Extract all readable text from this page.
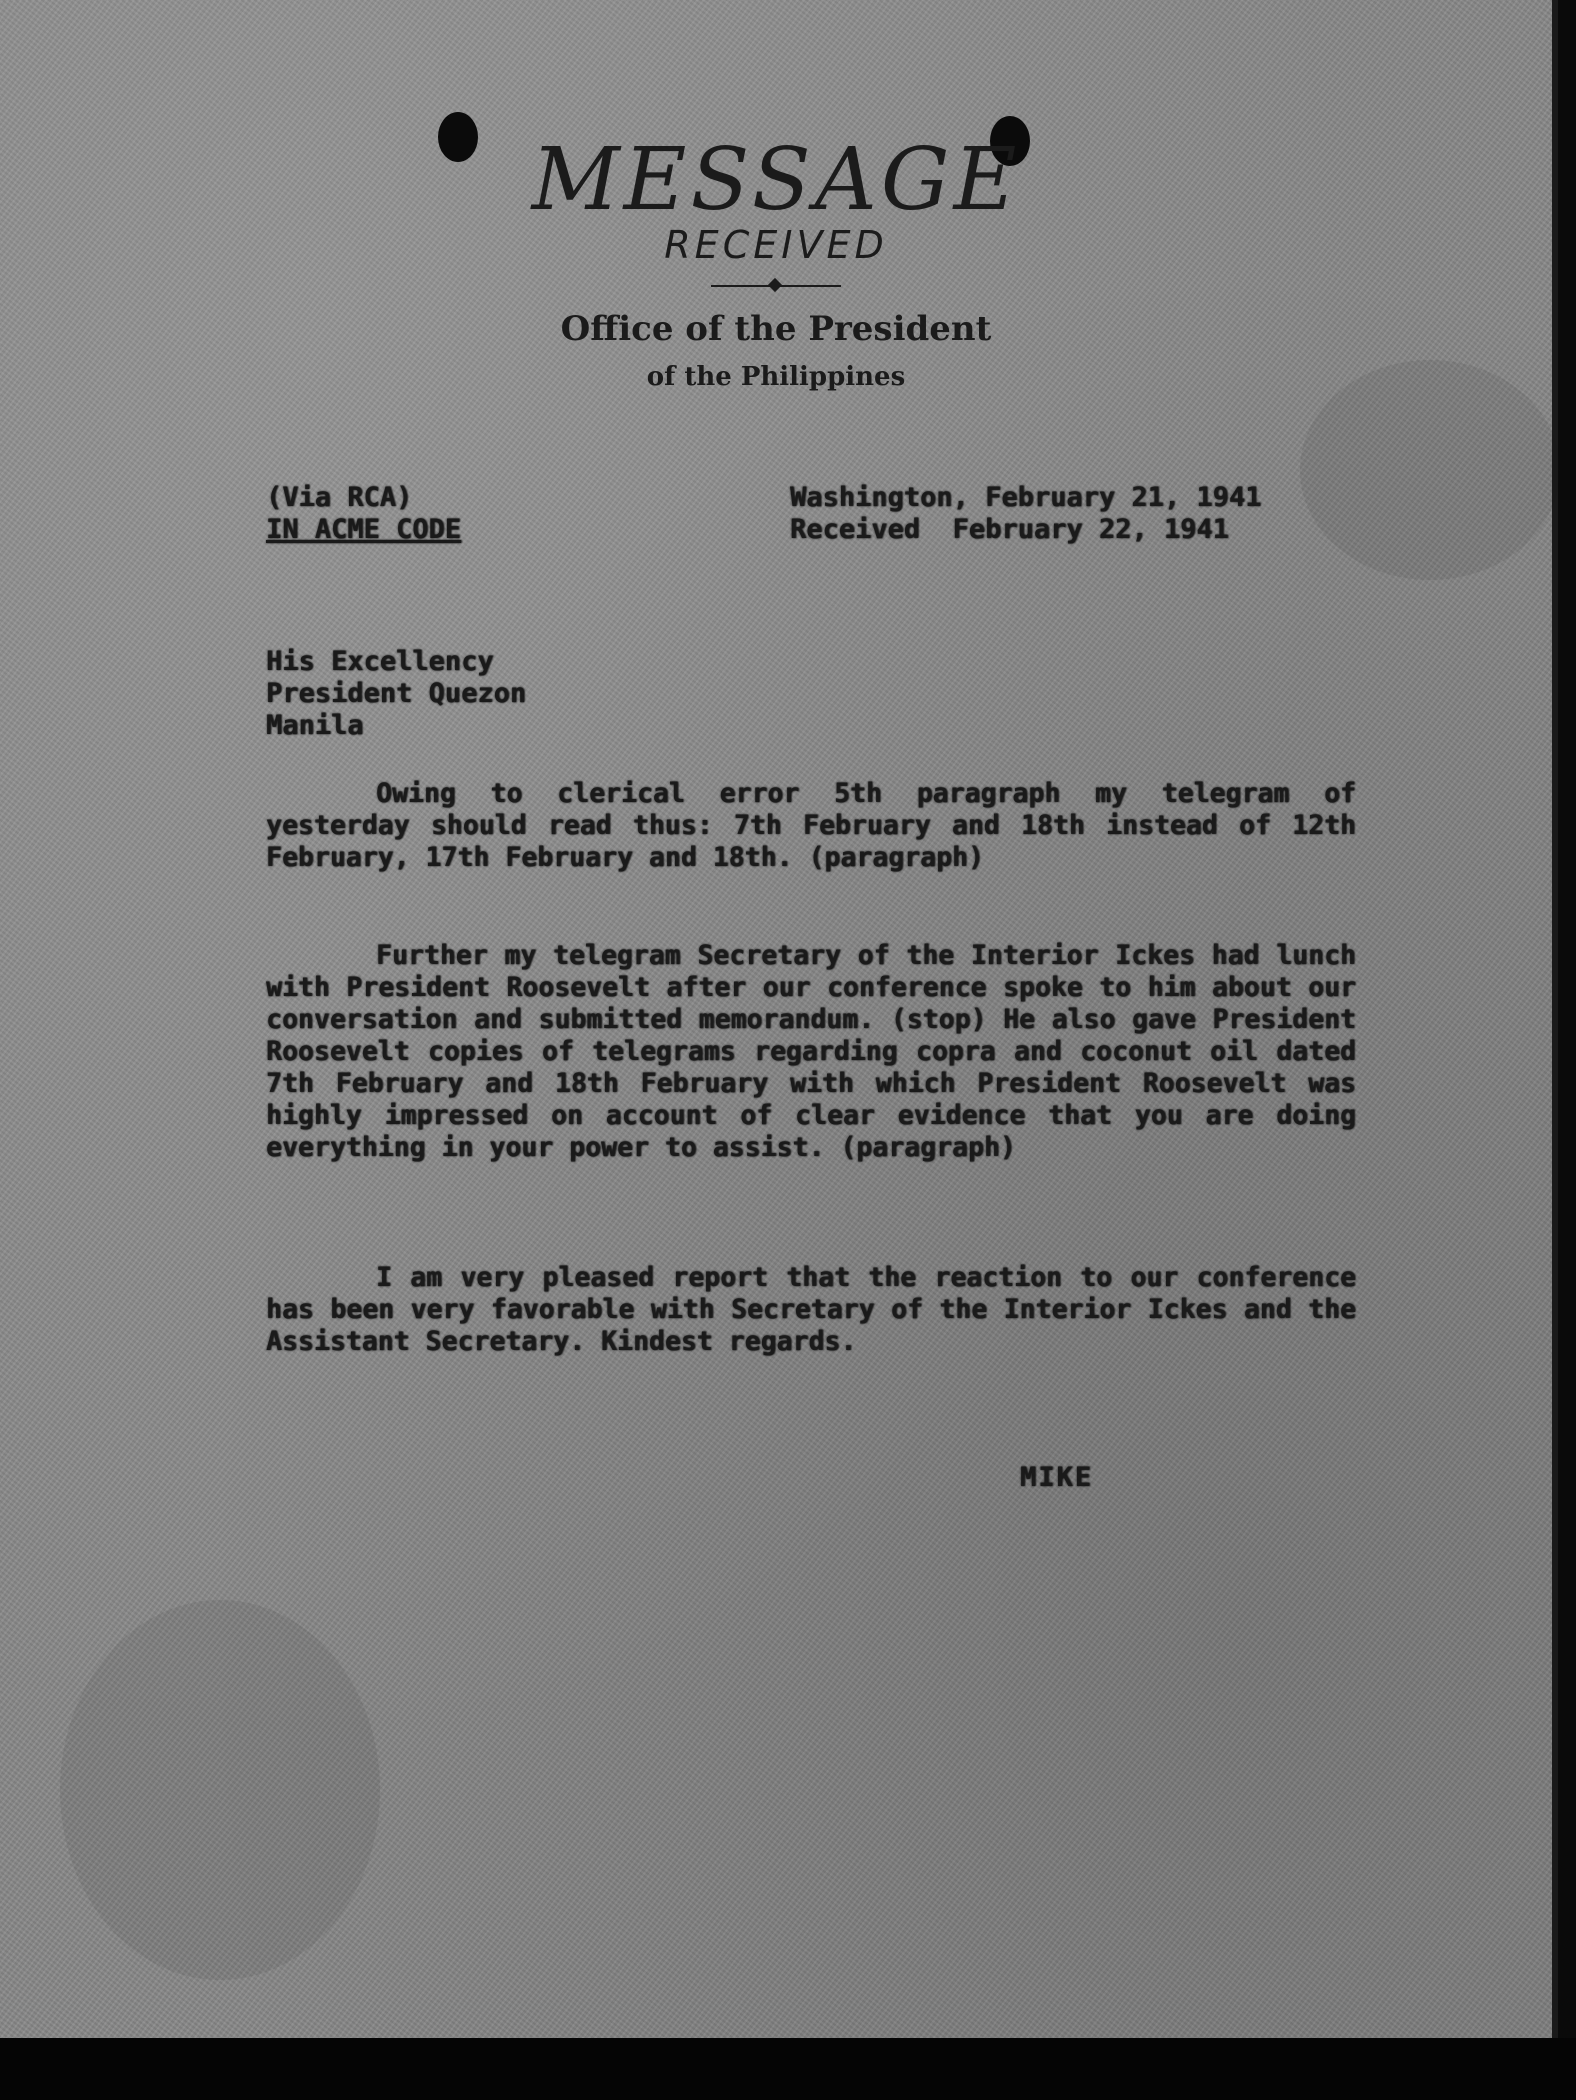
MESSAGE
RECEIVED
Office of the President
of the Philippines
(Via RCA)
IN ACME CODE
Washington, February 21, 1941
Received  February 22, 1941
His Excellency
President Quezon
Manila

Owing to clerical error 5th paragraph my telegram of yesterday should read thus: 7th February and 18th instead of 12th February, 17th February and 18th. (paragraph)

Further my telegram Secretary of the Interior Ickes had lunch with President Roosevelt after our conference spoke to him about our conversation and submitted memorandum. (stop) He also gave President Roosevelt copies of telegrams regarding copra and coconut oil dated 7th February and 18th February with which President Roosevelt was highly impressed on account of clear evidence that you are doing everything in your power to assist. (paragraph)

I am very pleased report that the reaction to our conference has been very favorable with Secretary of the Interior Ickes and the Assistant Secretary. Kindest regards.

MIKE
